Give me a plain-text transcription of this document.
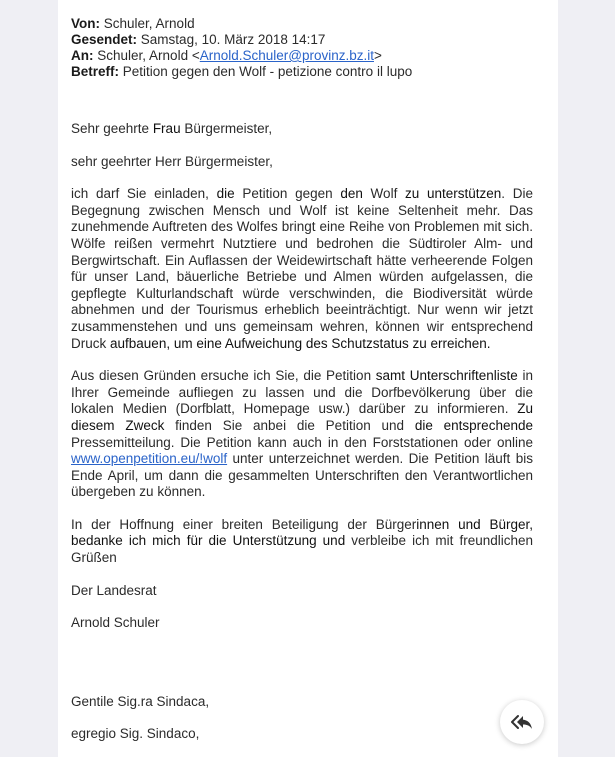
Von: Schuler, Arnold
Gesendet: Samstag, 10. März 2018 14:17
An: Schuler, Arnold <Arnold.Schuler@provinz.bz.it>
Betreff: Petition gegen den Wolf - petizione contro il lupo

Sehr geehrte Frau Bürgermeister,

sehr geehrter Herr Bürgermeister,

ich darf Sie einladen, die Petition gegen den Wolf zu unterstützen. Die Begegnung zwischen Mensch und Wolf ist keine Seltenheit mehr. Das zunehmende Auftreten des Wolfes bringt eine Reihe von Problemen mit sich. Wölfe reißen vermehrt Nutztiere und bedrohen die Südtiroler Alm- und Bergwirtschaft. Ein Auflassen der Weidewirtschaft hätte verheerende Folgen für unser Land, bäuerliche Betriebe und Almen würden aufgelassen, die gepflegte Kulturlandschaft würde verschwinden, die Biodiversität würde abnehmen und der Tourismus erheblich beeinträchtigt. Nur wenn wir jetzt zusammenstehen und uns gemeinsam wehren, können wir entsprechend Druck aufbauen, um eine Aufweichung des Schutzstatus zu erreichen.

Aus diesen Gründen ersuche ich Sie, die Petition samt Unterschriftenliste in Ihrer Gemeinde aufliegen zu lassen und die Dorfbevölkerung über die lokalen Medien (Dorfblatt, Homepage usw.) darüber zu informieren. Zu diesem Zweck finden Sie anbei die Petition und die entsprechende Pressemitteilung. Die Petition kann auch in den Forststationen oder online www.openpetition.eu/!wolf unter unterzeichnet werden. Die Petition läuft bis Ende April, um dann die gesammelten Unterschriften den Verantwortlichen übergeben zu können.

In der Hoffnung einer breiten Beteiligung der Bürgerinnen und Bürger, bedanke ich mich für die Unterstützung und verbleibe ich mit freundlichen Grüßen

Der Landesrat

Arnold Schuler

Gentile Sig.ra Sindaca,

egregio Sig. Sindaco,
